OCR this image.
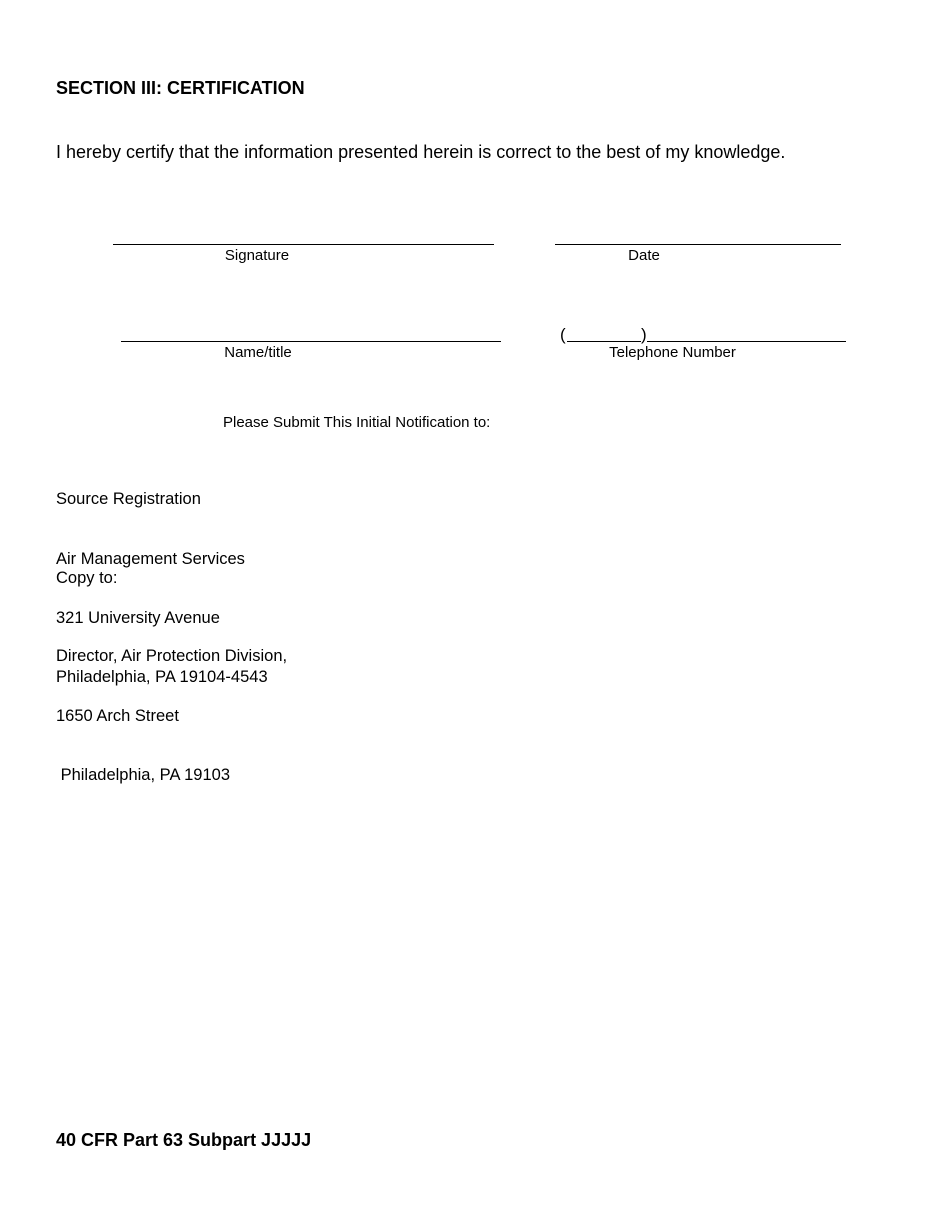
SECTION III: CERTIFICATION
I hereby certify that the information presented herein is correct to the best of my knowledge.
Signature	Date
Name/title
(	)
Telephone Number
Please Submit This Initial Notification to:

Source Registration

Air Management Services

321 University Avenue

Philadelphia, PA 19104-4543

Copy to:

Director, Air Protection Division,

1650 Arch Street

Philadelphia, PA 19103

40 CFR Part 63 Subpart JJJJJ
